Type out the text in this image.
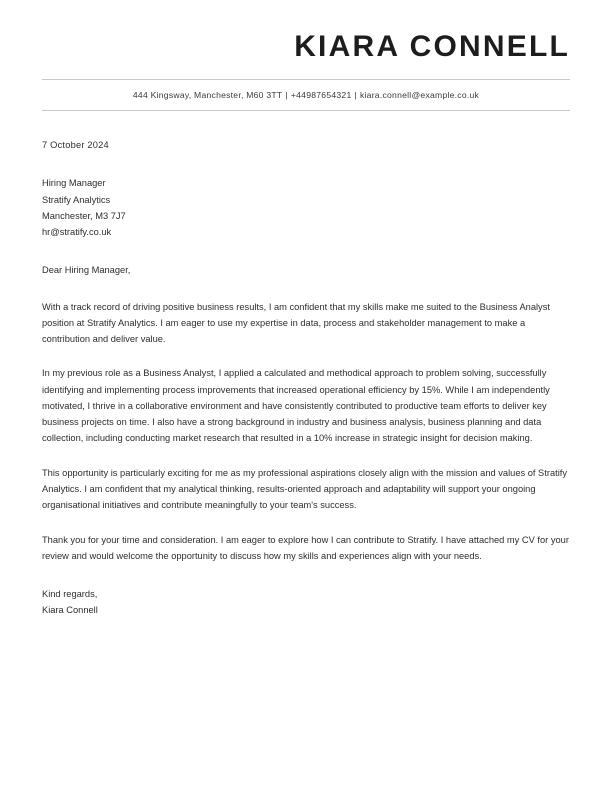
KIARA CONNELL
444 Kingsway, Manchester, M60 3TT | +44987654321 | kiara.connell@example.co.uk
7 October 2024
Hiring Manager
Stratify Analytics
Manchester, M3 7J7
hr@stratify.co.uk
Dear Hiring Manager,
With a track record of driving positive business results, I am confident that my skills make me suited to the Business Analyst position at Stratify Analytics. I am eager to use my expertise in data, process and stakeholder management to make a contribution and deliver value.
In my previous role as a Business Analyst, I applied a calculated and methodical approach to problem solving, successfully identifying and implementing process improvements that increased operational efficiency by 15%. While I am independently motivated, I thrive in a collaborative environment and have consistently contributed to productive team efforts to deliver key business projects on time. I also have a strong background in industry and business analysis, business planning and data collection, including conducting market research that resulted in a 10% increase in strategic insight for decision making.
This opportunity is particularly exciting for me as my professional aspirations closely align with the mission and values of Stratify Analytics. I am confident that my analytical thinking, results-oriented approach and adaptability will support your ongoing organisational initiatives and contribute meaningfully to your team's success.
Thank you for your time and consideration. I am eager to explore how I can contribute to Stratify. I have attached my CV for your review and would welcome the opportunity to discuss how my skills and experiences align with your needs.
Kind regards,
Kiara Connell
